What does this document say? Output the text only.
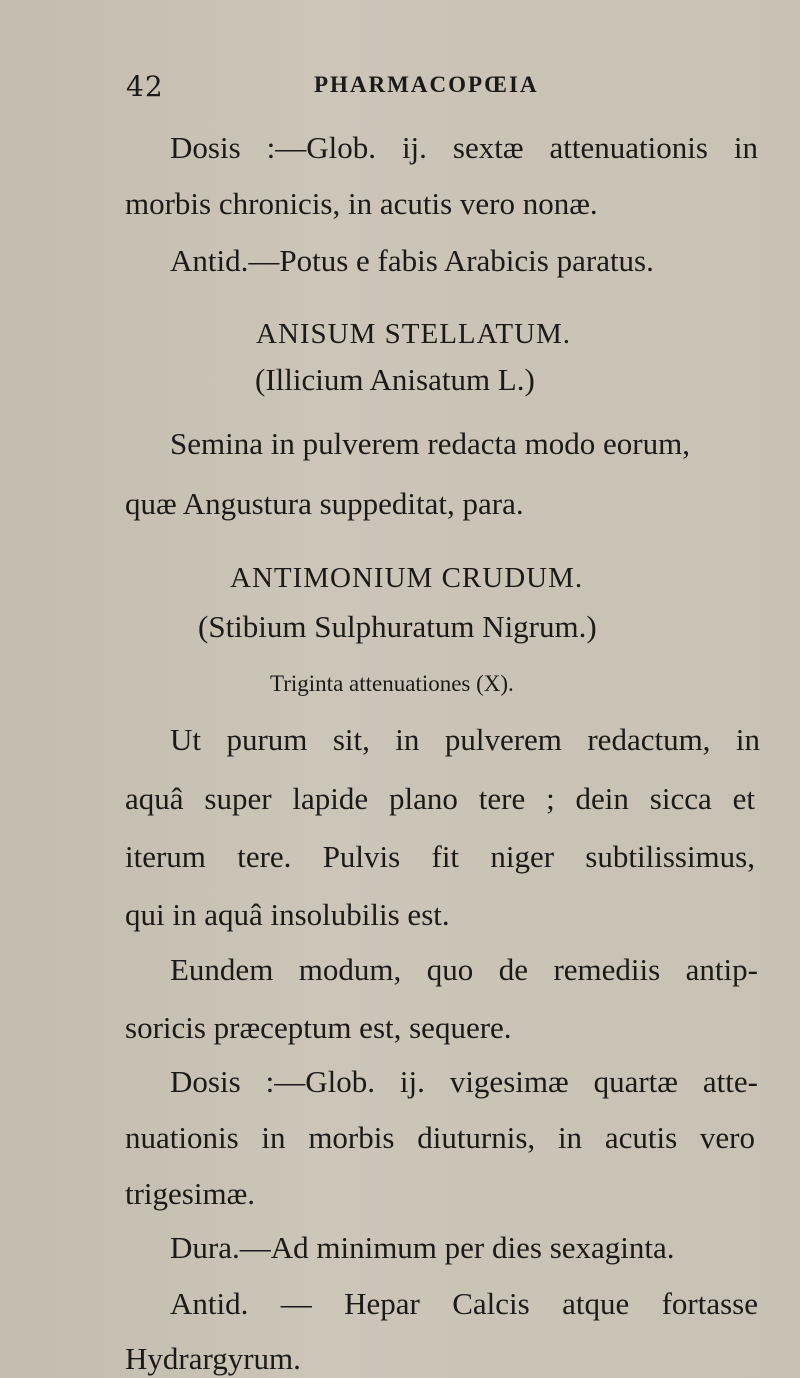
42	PHARMACOPŒIA
Dosis :—Glob. ij. sextæ attenuationis in
morbis chronicis, in acutis vero nonæ.
Antid.—Potus e fabis Arabicis paratus.
ANISUM STELLATUM.
(Illicium Anisatum L.)
Semina in pulverem redacta modo eorum,
quæ Angustura suppeditat, para.
ANTIMONIUM CRUDUM.
(Stibium Sulphuratum Nigrum.)
Triginta attenuationes (X).
Ut purum sit, in pulverem redactum, in
aquâ super lapide plano tere ; dein sicca et
iterum tere. Pulvis fit niger subtilissimus,
qui in aquâ insolubilis est.
Eundem modum, quo de remediis antip-
soricis præceptum est, sequere.
Dosis :—Glob. ij. vigesimæ quartæ atte-
nuationis in morbis diuturnis, in acutis vero
trigesimæ.
Dura.—Ad minimum per dies sexaginta.
Antid. — Hepar Calcis atque fortasse
Hydrargyrum.
